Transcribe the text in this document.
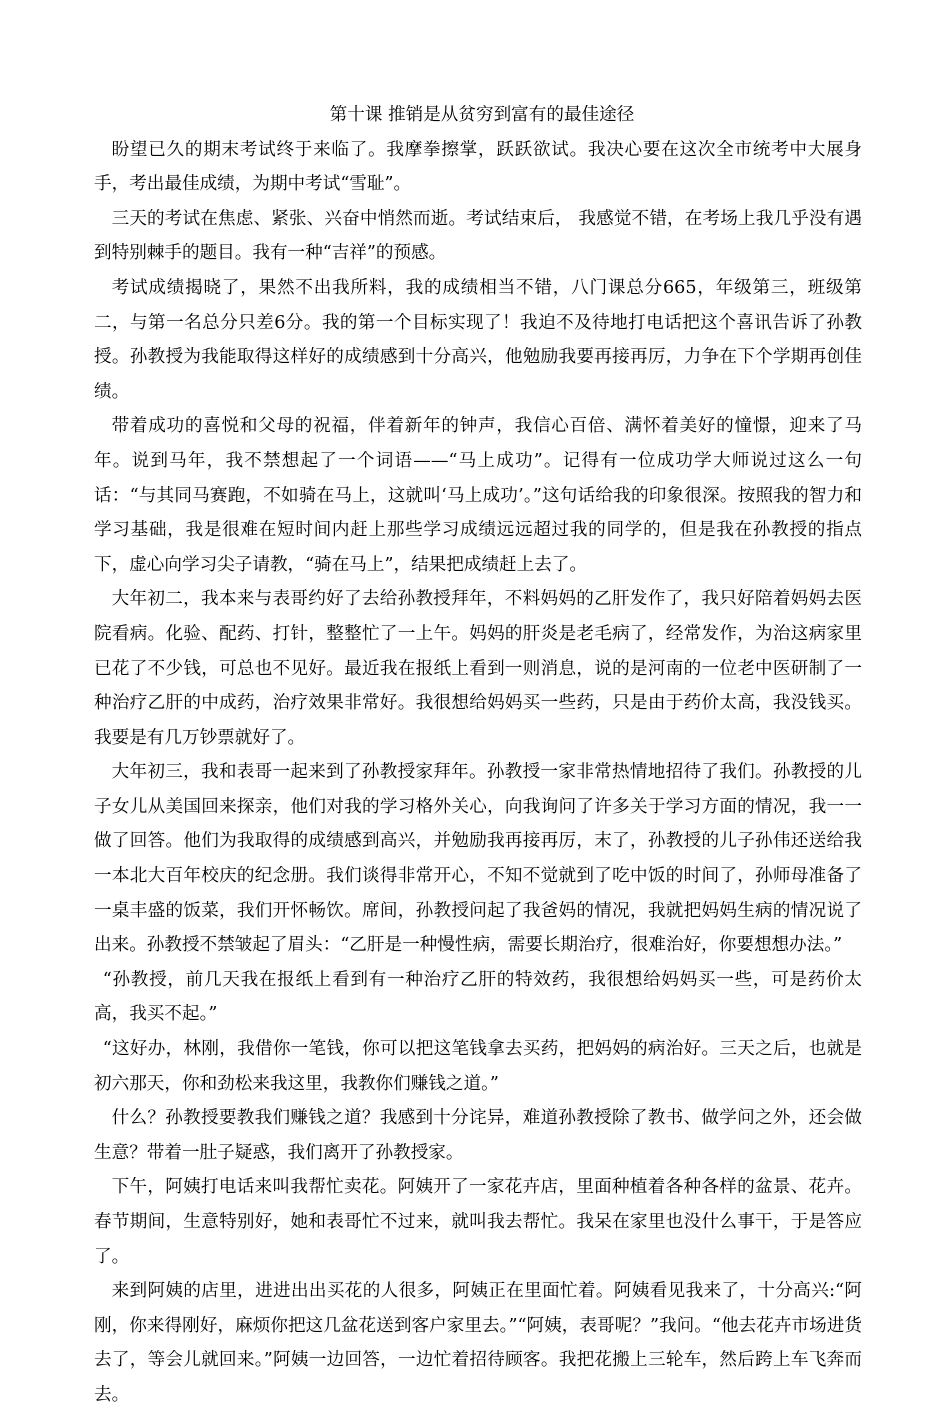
第十课 推销是从贫穷到富有的最佳途径

盼望已久的期末考试终于来临了。我摩拳擦掌，跃跃欲试。我决心要在这次全市统考中大展身手，考出最佳成绩，为期中考试“雪耻”。

三天的考试在焦虑、紧张、兴奋中悄然而逝。考试结束后， 我感觉不错，在考场上我几乎没有遇到特别棘手的题目。我有一种“吉祥”的预感。

考试成绩揭晓了，果然不出我所料，我的成绩相当不错，八门课总分665，年级第三，班级第二，与第一名总分只差6分。我的第一个目标实现了！我迫不及待地打电话把这个喜讯告诉了孙教授。孙教授为我能取得这样好的成绩感到十分高兴，他勉励我要再接再厉，力争在下个学期再创佳绩。

带着成功的喜悦和父母的祝福，伴着新年的钟声，我信心百倍、满怀着美好的憧憬，迎来了马年。说到马年，我不禁想起了一个词语——“马上成功”。记得有一位成功学大师说过这么一句话：“与其同马赛跑，不如骑在马上，这就叫‘马上成功’。”这句话给我的印象很深。按照我的智力和学习基础，我是很难在短时间内赶上那些学习成绩远远超过我的同学的，但是我在孙教授的指点下，虚心向学习尖子请教，“骑在马上”，结果把成绩赶上去了。

大年初二，我本来与表哥约好了去给孙教授拜年，不料妈妈的乙肝发作了，我只好陪着妈妈去医院看病。化验、配药、打针，整整忙了一上午。妈妈的肝炎是老毛病了，经常发作，为治这病家里已花了不少钱，可总也不见好。最近我在报纸上看到一则消息，说的是河南的一位老中医研制了一种治疗乙肝的中成药，治疗效果非常好。我很想给妈妈买一些药，只是由于药价太高，我没钱买。我要是有几万钞票就好了。

大年初三，我和表哥一起来到了孙教授家拜年。孙教授一家非常热情地招待了我们。孙教授的儿子女儿从美国回来探亲，他们对我的学习格外关心，向我询问了许多关于学习方面的情况，我一一做了回答。他们为我取得的成绩感到高兴，并勉励我再接再厉，末了，孙教授的儿子孙伟还送给我一本北大百年校庆的纪念册。我们谈得非常开心，不知不觉就到了吃中饭的时间了，孙师母准备了一桌丰盛的饭菜，我们开怀畅饮。席间，孙教授问起了我爸妈的情况，我就把妈妈生病的情况说了出来。孙教授不禁皱起了眉头：“乙肝是一种慢性病，需要长期治疗，很难治好，你要想想办法。”

“孙教授，前几天我在报纸上看到有一种治疗乙肝的特效药，我很想给妈妈买一些，可是药价太高，我买不起。”

“这好办，林刚，我借你一笔钱，你可以把这笔钱拿去买药，把妈妈的病治好。三天之后，也就是初六那天，你和劲松来我这里，我教你们赚钱之道。”

什么？孙教授要教我们赚钱之道？我感到十分诧异，难道孙教授除了教书、做学问之外，还会做生意？带着一肚子疑惑，我们离开了孙教授家。

下午，阿姨打电话来叫我帮忙卖花。阿姨开了一家花卉店，里面种植着各种各样的盆景、花卉。春节期间，生意特别好，她和表哥忙不过来，就叫我去帮忙。我呆在家里也没什么事干，于是答应了。

来到阿姨的店里，进进出出买花的人很多，阿姨正在里面忙着。阿姨看见我来了，十分高兴:“阿刚，你来得刚好，麻烦你把这几盆花送到客户家里去。”“阿姨，表哥呢？”我问。“他去花卉市场进货去了，等会儿就回来。”阿姨一边回答，一边忙着招待顾客。我把花搬上三轮车，然后跨上车飞奔而去。
